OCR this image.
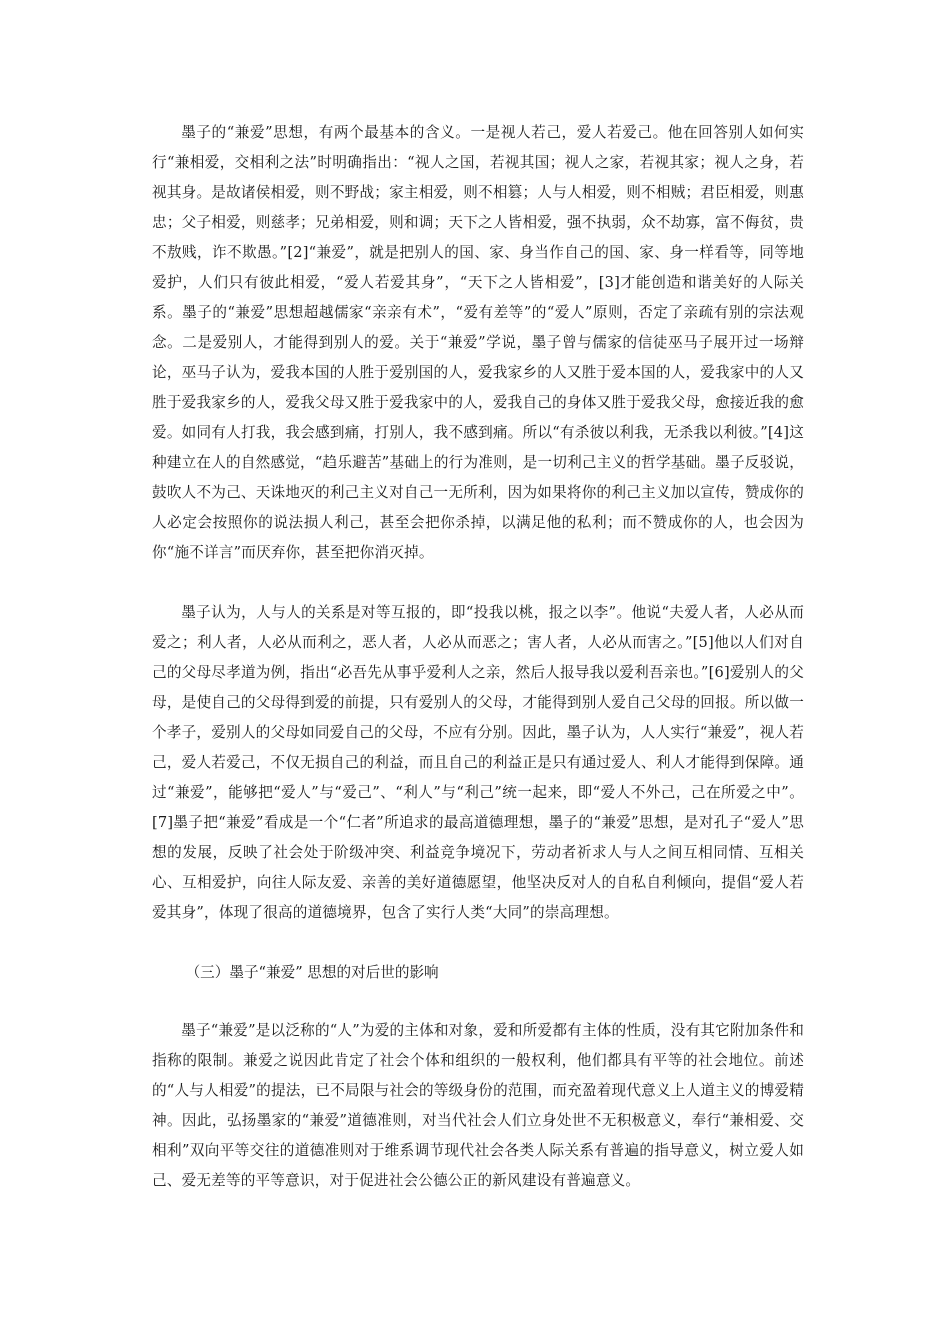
墨子的“兼爱”思想，有两个最基本的含义。一是视人若己，爱人若爱己。他在回答别人如何实行“兼相爱，交相利之法”时明确指出：“视人之国，若视其国；视人之家，若视其家；视人之身，若视其身。是故诸侯相爱，则不野战；家主相爱，则不相篡；人与人相爱，则不相贼；君臣相爱，则惠忠；父子相爱，则慈孝；兄弟相爱，则和调；天下之人皆相爱，强不执弱，众不劫寡，富不侮贫，贵不敖贱，诈不欺愚。”[2]“兼爱”，就是把别人的国、家、身当作自己的国、家、身一样看等，同等地爱护，人们只有彼此相爱，“爱人若爱其身”，“天下之人皆相爱”，[3]才能创造和谐美好的人际关系。墨子的“兼爱”思想超越儒家“亲亲有术”，“爱有差等”的“爱人”原则，否定了亲疏有别的宗法观念。二是爱别人，才能得到别人的爱。关于“兼爱”学说，墨子曾与儒家的信徒巫马子展开过一场辩论，巫马子认为，爱我本国的人胜于爱别国的人，爱我家乡的人又胜于爱本国的人，爱我家中的人又胜于爱我家乡的人，爱我父母又胜于爱我家中的人，爱我自己的身体又胜于爱我父母，愈接近我的愈爱。如同有人打我，我会感到痛，打别人，我不感到痛。所以“有杀彼以利我，无杀我以利彼。”[4]这种建立在人的自然感觉，“趋乐避苦”基础上的行为准则，是一切利己主义的哲学基础。墨子反驳说，鼓吹人不为己、天诛地灭的利己主义对自己一无所利，因为如果将你的利己主义加以宣传，赞成你的人必定会按照你的说法损人利己，甚至会把你杀掉，以满足他的私利；而不赞成你的人，也会因为你“施不详言”而厌弃你，甚至把你消灭掉。

墨子认为，人与人的关系是对等互报的，即“投我以桃，报之以李”。他说“夫爱人者，人必从而爱之；利人者，人必从而利之，恶人者，人必从而恶之；害人者，人必从而害之。”[5]他以人们对自己的父母尽孝道为例，指出“必吾先从事乎爱利人之亲，然后人报导我以爱利吾亲也。”[6]爱别人的父母，是使自己的父母得到爱的前提，只有爱别人的父母，才能得到别人爱自己父母的回报。所以做一个孝子，爱别人的父母如同爱自己的父母，不应有分别。因此，墨子认为，人人实行“兼爱”，视人若己，爱人若爱己，不仅无损自己的利益，而且自己的利益正是只有通过爱人、利人才能得到保障。通过“兼爱”，能够把“爱人”与“爱己”、“利人”与“利己”统一起来，即“爱人不外己，己在所爱之中”。[7]墨子把“兼爱”看成是一个“仁者”所追求的最高道德理想，墨子的“兼爱”思想，是对孔子“爱人”思想的发展，反映了社会处于阶级冲突、利益竞争境况下，劳动者祈求人与人之间互相同情、互相关心、互相爱护，向往人际友爱、亲善的美好道德愿望，他坚决反对人的自私自利倾向，提倡“爱人若爱其身”，体现了很高的道德境界，包含了实行人类“大同”的崇高理想。

（三）墨子“兼爱” 思想的对后世的影响

墨子“兼爱”是以泛称的“人”为爱的主体和对象，爱和所爱都有主体的性质，没有其它附加条件和指称的限制。兼爱之说因此肯定了社会个体和组织的一般权利，他们都具有平等的社会地位。前述的“人与人相爱”的提法，已不局限与社会的等级身份的范围，而充盈着现代意义上人道主义的博爱精神。因此，弘扬墨家的“兼爱”道德准则，对当代社会人们立身处世不无积极意义，奉行“兼相爱、交相利”双向平等交往的道德准则对于维系调节现代社会各类人际关系有普遍的指导意义，树立爱人如己、爱无差等的平等意识，对于促进社会公德公正的新风建设有普遍意义。
